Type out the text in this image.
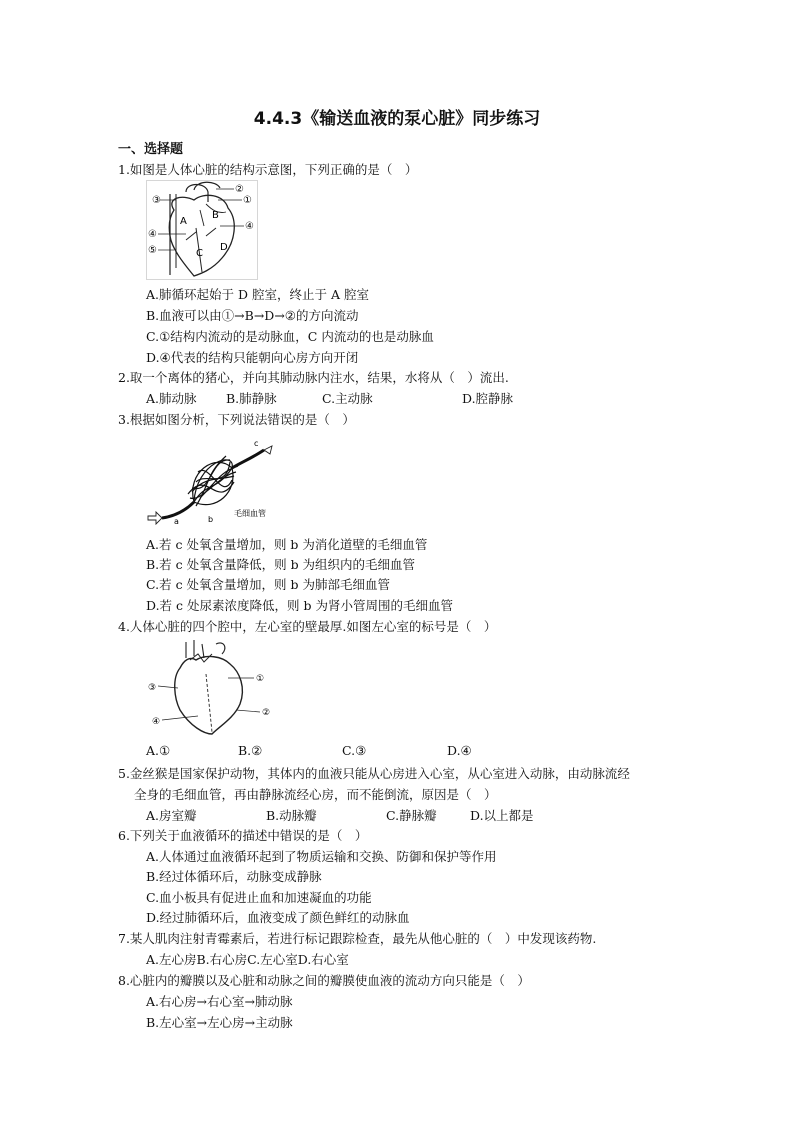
4.4.3《输送血液的泵心脏》同步练习
一、选择题
1.如图是人体心脏的结构示意图，下列正确的是（　）
③
②
①
④
④
⑤
A
B
C
D
A.肺循环起始于 D 腔室，终止于 A 腔室
B.血液可以由①→B→D→②的方向流动
C.①结构内流动的是动脉血，C 内流动的也是动脉血
D.④代表的结构只能朝向心房方向开闭
2.取一个离体的猪心，并向其肺动脉内注水，结果，水将从（　）流出.
A.肺动脉 B.肺静脉	C.主动脉	D.腔静脉
3.根据如图分析，下列说法错误的是（　）
a	b
c
毛细血管
A.若 c 处氧含量增加，则 b 为消化道壁的毛细血管
B.若 c 处氧含量降低，则 b 为组织内的毛细血管
C.若 c 处氧含量增加，则 b 为肺部毛细血管
D.若 c 处尿素浓度降低，则 b 为肾小管周围的毛细血管
4.人体心脏的四个腔中，左心室的壁最厚.如图左心室的标号是（　）
①
③
②
④
A.①	B.②	C.③	D.④
5.金丝猴是国家保护动物，其体内的血液只能从心房进入心室，从心室进入动脉，由动脉流经
全身的毛细血管，再由静脉流经心房，而不能倒流，原因是（　）
A.房室瓣	B.动脉瓣	C.静脉瓣	D.以上都是
6.下列关于血液循环的描述中错误的是（　）
A.人体通过血液循环起到了物质运输和交换、防御和保护等作用
B.经过体循环后，动脉变成静脉
C.血小板具有促进止血和加速凝血的功能
D.经过肺循环后，血液变成了颜色鲜红的动脉血
7.某人肌肉注射青霉素后，若进行标记跟踪检查，最先从他心脏的（　）中发现该药物.
A.左心房B.右心房C.左心室D.右心室
8.心脏内的瓣膜以及心脏和动脉之间的瓣膜使血液的流动方向只能是（　）
A.右心房→右心室→肺动脉
B.左心室→左心房→主动脉
